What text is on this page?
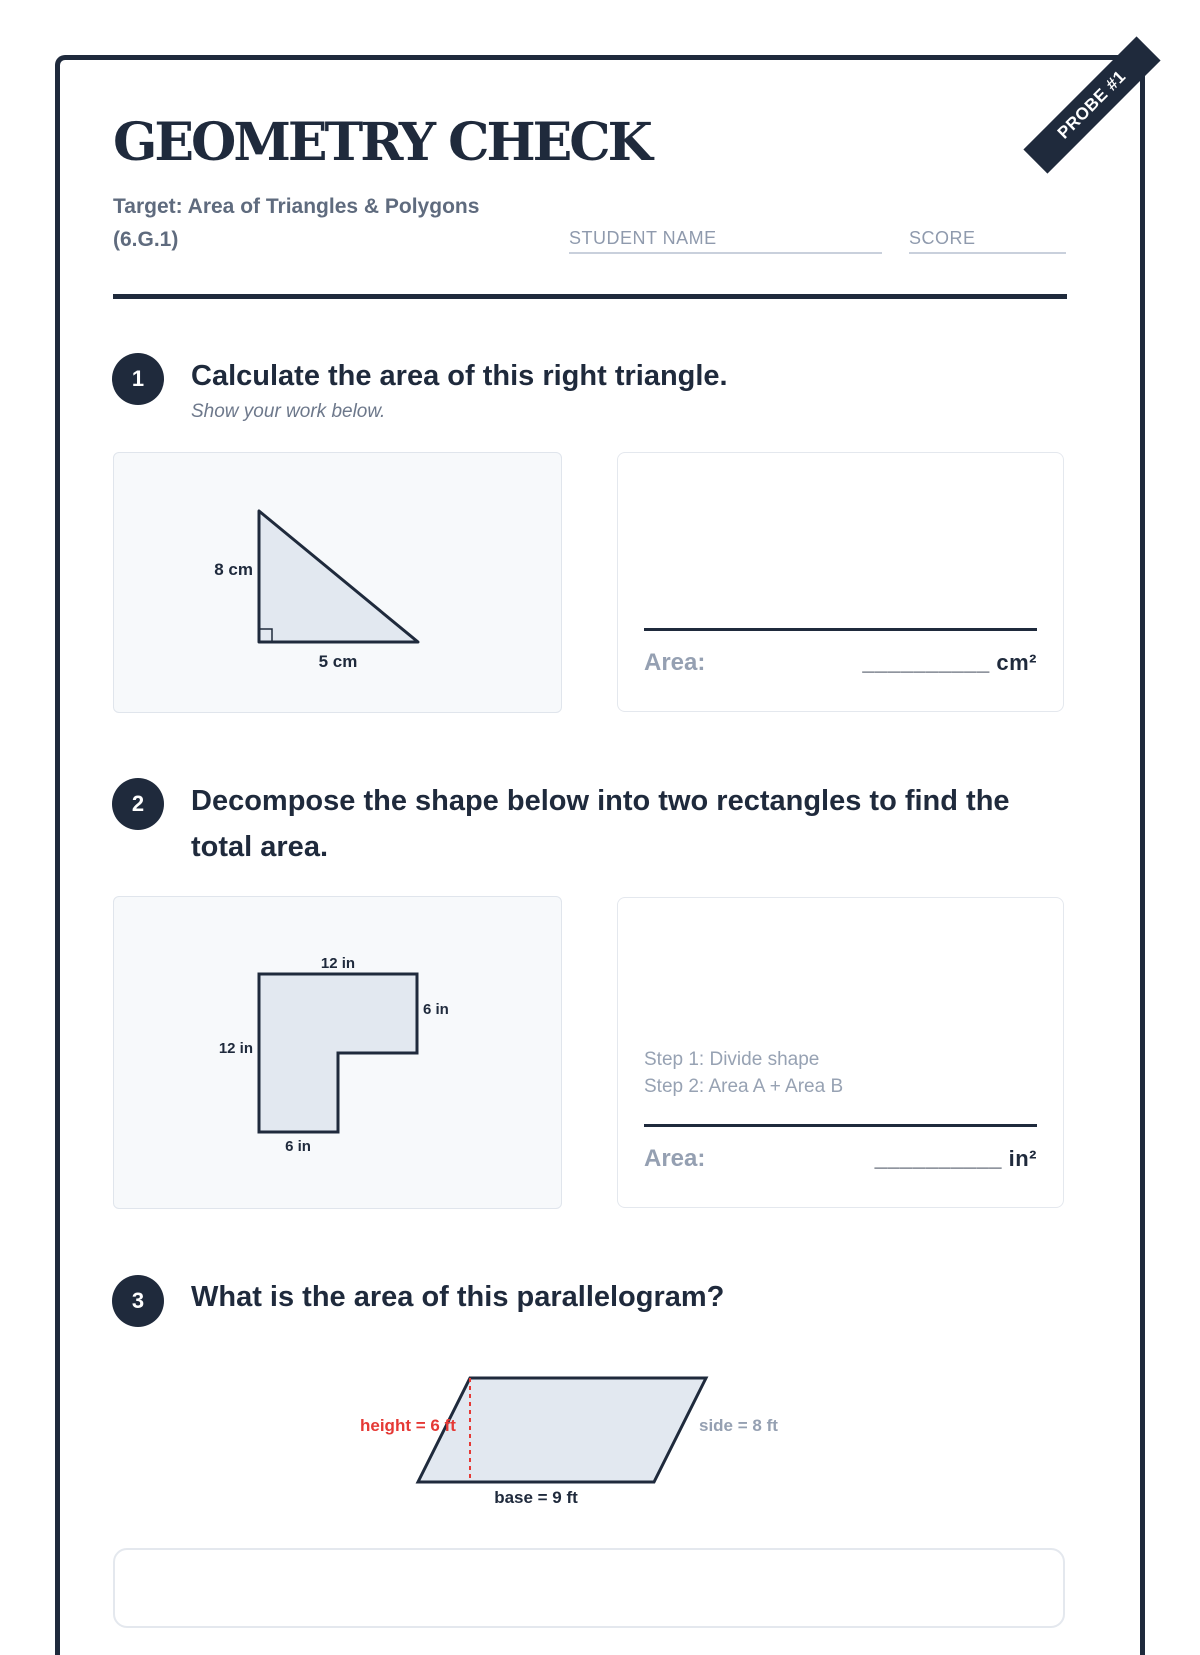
PROBE #1
GEOMETRY CHECK
Target: Area of Triangles & Polygons
(6.G.1)	STUDENT NAME	SCORE
1	Calculate the area of this right triangle.
Show your work below.
8 cm
5 cm	Area:	__________ cm²
2	Decompose the shape below into two rectangles to find the
total area.
12 in
6 in
12 in
6 in
Step 1: Divide shape
Step 2: Area A + Area B
Area:	__________ in²
3	What is the area of this parallelogram?
height = 6 ft	side = 8 ft
base = 9 ft
